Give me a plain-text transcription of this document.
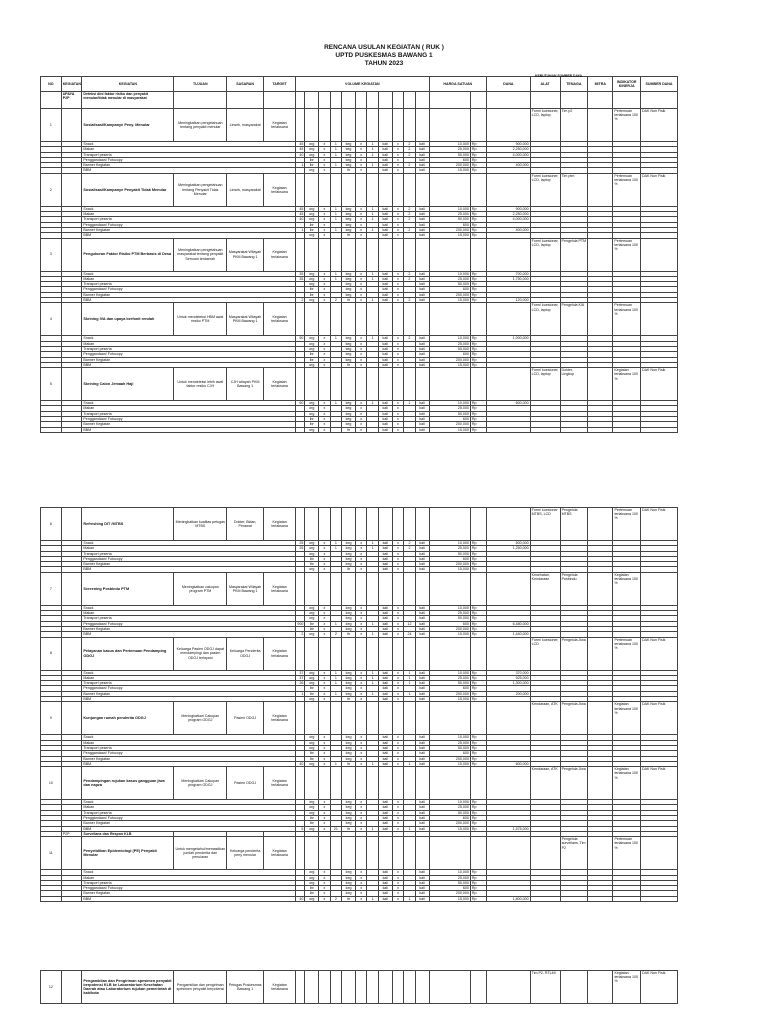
RENCANA USULAN KEGIATAN ( RUK )
UPTD PUSKESMAS BAWANG 1
TAHUN 2023
NO	KEGIATAN	KEGIATAN	TUJUAN	SASARAN	TARGET	VOLUME KEGIATAN											HARGA SATUAN		DANA	ALAT	TENAGA	MITRA	INDIKATOR KINERJA	SUMBER DANA
	UPAYA P2P	Deteksi dini faktor risiko dan penyakit menular/tidak menular di masyarakat																						
1		Sosialisasi/Kampanye Peny. Menular	Meningkatkan pengetahuan tentang penyakit menular	Linsek, masyarakat	Kegiatan terlaksana															Form/ kuesioner, LCD, laptop	Tim p2		Pertemuan terlaksana 100 %	DAK Non Fisik
		Snack				45	org	x	1	keg	x	1	kali	x	2	kali	10,000	Rp	900,000					
		Makan				45	org	x	1	keg	x	1	kali	x	2	kali	25,000	Rp	2,250,000					
		Transport peserta				40	org	x	1	keg	x	1	kali	x	2	kali	50,000	Rp	4,000,000					
		Penggandaan/ Fotocopy					lbr	x		keg	x		kali	x		kali	600	Rp						
		Banner Kegiatan				1	lbr	x	1	keg	x	1	kali	x	2	kali	200,000	Rp	400,000					
		BBM					org	x		ltr	x		kali	x		kali	15,000	Rp						
2		Sosialisasi/Kampanye Penyakit Tidak Menular	Meningkatkan pengetahuan tentang Penyakit Tidak Menular	Linsek, masyarakat	Kegiatan terlaksana															Form/ kuesioner, LCD, laptop	Tim ptm		Pertemuan terlaksana 100 %	DAK Non Fisik
		Snack				45	org	x	1	keg	x	1	kali	x	2	kali	10,000	Rp	900,000					
		Makan				45	org	x	1	keg	x	1	kali	x	2	kali	25,000	Rp	2,250,000					
		Transport peserta				40	org	x	1	keg	x	1	kali	x	2	kali	50,000	Rp	4,000,000					
		Penggandaan/ Fotocopy					lbr	x		keg	x		kali	x		kali	600	Rp						
		Banner Kegiatan				1	lbr	x	1	keg	x	1	kali	x	2	kali	200,000	Rp	400,000					
		BBM					org	x		ltr	x		kali	x		kali	15,000	Rp						
3		Pengukuran Faktor Risiko PTM Berbasis di Desa	Meningkatkan pengetahuan masyarakat tentang penyakit Semuan terdaerah	Masyarakat Wilayah PKM Bawang 1	Kegiatan terlaksana															Form/ kuesioner, LCD, laptop	Pengelola PTM		Pertemuan terlaksana 100 %	
		Snack				35	org	x	1	keg	x	1	kali	x	2	kali	10,000	Rp	700,000					
		Makan				35	org	x	1	keg	x	1	kali	x	2	kali	25,000	Rp	1,750,000					
		Transport peserta					org	x		keg	x		kali	x		kali	50,000	Rp						
		Penggandaan/ Fotocopy					lbr	x		keg	x		kali	x		kali	600	Rp						
		Banner Kegiatan					lbr	x		keg	x		kali	x		kali	200,000	Rp						
		BBM				2	org	x	2	ltr	x	1	kali	x	2	kali	15,000	Rp	120,000					
4		Skrining IVA dan upaya berfonit rendah	Untuk mendeteksi HBM awal resiko PTM	Masyarakat Wilayah PKM Bawang 1	Kegiatan terlaksana															Form/ kuesioner, LCD, laptop	Pengelola KIA		Pertemuan terlaksana 100 %	
		Snack				50	org	x	1	keg	x	1	kali	x	2	kali	10,000	Rp	1,000,000					
		Makan					org	x		keg	x		kali	x		kali	25,000	Rp						
		Transport peserta					org	x		keg	x		kali	x		kali	50,000	Rp						
		Penggandaan/ Fotocopy					lbr	x		keg	x		kali	x		kali	600	Rp						
		Banner Kegiatan					lbr	x		keg	x		kali	x		kali	200,000	Rp						
		BBM					org	x		ltr	x		kali	x		kali	15,000	Rp						
5		Skrining Calon Jemaah Haji	Untuk mendeteksi lebih awal faktor resiko CJH	CJH wilayah PKM Bawang 1	Kegiatan terlaksana															Form/ kuesioner, LCD, laptop	Dokter, Lingkup		Kegiatan terlaksana 100 %	DAK Non Fisik
		Snack				60	org	x	1	keg	x	1	kali	x	1	kali	10,000	Rp	600,000					
		Makan					org	x		keg	x		kali	x		kali	25,000	Rp						
		Transport peserta					org	x		keg	x		kali	x		kali	50,000	Rp						
		Penggandaan/ Fotocopy					lbr	x		keg	x		kali	x		kali	600	Rp						
		Banner Kegiatan					lbr	x		keg	x		kali	x		kali	200,000	Rp						
		BBM					org	x		ltr	x		kali	x		kali	15,000	Rp						
KEBUTUHAN SUMBER DAYA
6		Refreshing DIT /MTBS	Meningkatkan kualitas petugas MTBS	Dokter, Bidan, Perawat	Kegiatan terlaksana															Form/ kuesioner MTBS, LCD	Pengelola MTBS		Pertemuan terlaksana 100 %	DAK Non Fisik
		Snack				25	org	x	1	keg	x	1	kali	x	2	kali	10,000	Rp	500,000					
		Makan				25	org	x	1	keg	x	1	kali	x	2	kali	25,000	Rp	1,250,000					
		Transport peserta					org	x		keg	x		kali	x		kali	50,000	Rp						
		Penggandaan/ Fotocopy					lbr	x		keg	x		kali	x		kali	600	Rp						
		Banner Kegiatan					lbr	x		keg	x		kali	x		kali	200,000	Rp						
		BBM					org	x		ltr	x		kali	x		kali	15,000	Rp						
7		Screening Posbindu PTM	Meningkatkan cakupan program PTM	Masyarakat Wilayah PKM Bawang 1	Kegiatan terlaksana															Kesehatan, Kendaraan	Pengelola Posbindu		Kegiatan terlaksana 100 %	
		Snack					org	x		keg	x		kali	x		kali	10,000	Rp						
		Makan					org	x		keg	x		kali	x		kali	25,000	Rp						
		Transport peserta					org	x		keg	x		kali	x		kali	50,000	Rp						
		Penggandaan/ Fotocopy				900	lbr	x	1	keg	x	1	kali	x	12	kali	600	Rp	6,480,000					
		Banner Kegiatan					lbr	x		keg	x		kali	x		kali	200,000	Rp						
		BBM				2	org	x	2	ltr	x	1	kali	x	24	kali	15,000	Rp	1,440,000					
8		Pelayanan kasus dan Pertemuan Pendamping ODGJ	Keluarga Pasien ODGJ dapat mendampingi dan pasien ODGJ terlayani	Keluarga Penderita ODGJ	Kegiatan terlaksana															Form/ kuesioner, LCD	Pengelola Jiwa		Pertemuan terlaksana 100 %	DAK Non Fisik
		Snack				37	org	x	1	keg	x	1	kali	x	1	kali	10,000	Rp	370,000					
		Makan				37	org	x	1	keg	x	1	kali	x	1	kali	25,000	Rp	925,000					
		Transport peserta				26	org	x	1	keg	x	1	kali	x	1	kali	50,000	Rp	1,300,000					
		Penggandaan/ Fotocopy					lbr	x		keg	x		kali	x		kali	600	Rp						
		Banner Kegiatan				1	lbr	x	1	keg	x	1	kali	x	1	kali	200,000	Rp	200,000					
		BBM					org	x		ltr	x		kali	x		kali	15,000	Rp						
9		Kunjungan rumah penderita ODGJ	Meningkatkan Cakupan program ODGJ	Pasien ODGJ	Kegiatan terlaksana															Kendaraan, ATK	Pengelola Jiwa		Kegiatan terlaksana 100 %	DAK Non Fisik
		Snack					org	x		keg	x		kali	x		kali	10,000	Rp						
		Makan					org	x		keg	x		kali	x		kali	25,000	Rp						
		Transport peserta					org	x		keg	x		kali	x		kali	50,000	Rp						
		Penggandaan/ Fotocopy					lbr	x		keg	x		kali	x		kali	600	Rp						
		Banner Kegiatan					lbr	x		keg	x		kali	x		kali	200,000	Rp						
		BBM				40	org	x	1	ltr	x	1	kali	x	1	kali	15,000	Rp	600,000					
10		Pendampingan rujukan kasus gangguan jiwa dan napza	Meningkatkan Cakupan program ODGJ	Pasien ODGJ	Kegiatan terlaksana															Kendaraan, ATK	Pengelola Jiwa		Kegiatan terlaksana 100 %	DAK Non Fisik
		Snack					org	x		keg	x		kali	x		kali	10,000	Rp						
		Makan					org	x		keg	x		kali	x		kali	25,000	Rp						
		Transport peserta					org	x		keg	x		kali	x		kali	50,000	Rp						
		Penggandaan/ Fotocopy					lbr	x		keg	x		kali	x		kali	600	Rp						
		Banner Kegiatan					lbr	x		keg	x		kali	x		kali	200,000	Rp						
		BBM				5	org	x	21	ltr	x	1	kali	x	1	kali	15,000	Rp	1,575,000					
	P2P	Surveilans dan Respon KLB																						
11		Penyelidikan Epidemiologi (PE) Penyakit Menular	Untuk mengetahui/memastikan jumlah penderita dan penularan	Keluarga penderita peny menular	Kegiatan terlaksana																Pengelola surveilans, Tim P2		Pertemuan terlaksana 100 %	
		Snack					org	x		keg	x		kali	x		kali	10,000	Rp						
		Makan					org	x		keg	x		kali	x		kali	25,000	Rp						
		Transport peserta					org	x		keg	x		kali	x		kali	50,000	Rp						
		Penggandaan/ Fotocopy					lbr	x		keg	x		kali	x		kali	600	Rp						
		Banner Kegiatan					lbr	x		keg	x		kali	x		kali	200,000	Rp						
		BBM				40	org	x	2	ltr	x	1	kali	x	1	kali	15,000	Rp	1,800,000					
12		Pengambilan dan Pengiriman spesimen penyakit berpotensi KLB ke Laboratorium Kesehatan Daerah atau Laboratorium rujukan pemerintah di kab/kota	Pengambilan dan pengiriman spesimen penyakit berpotensi	Petugas Puskesmas Bawang 1	Kegiatan terlaksana															Tim P2, RTLMI			Kegiatan terlaksana 100 %	DAK Non Fisik
